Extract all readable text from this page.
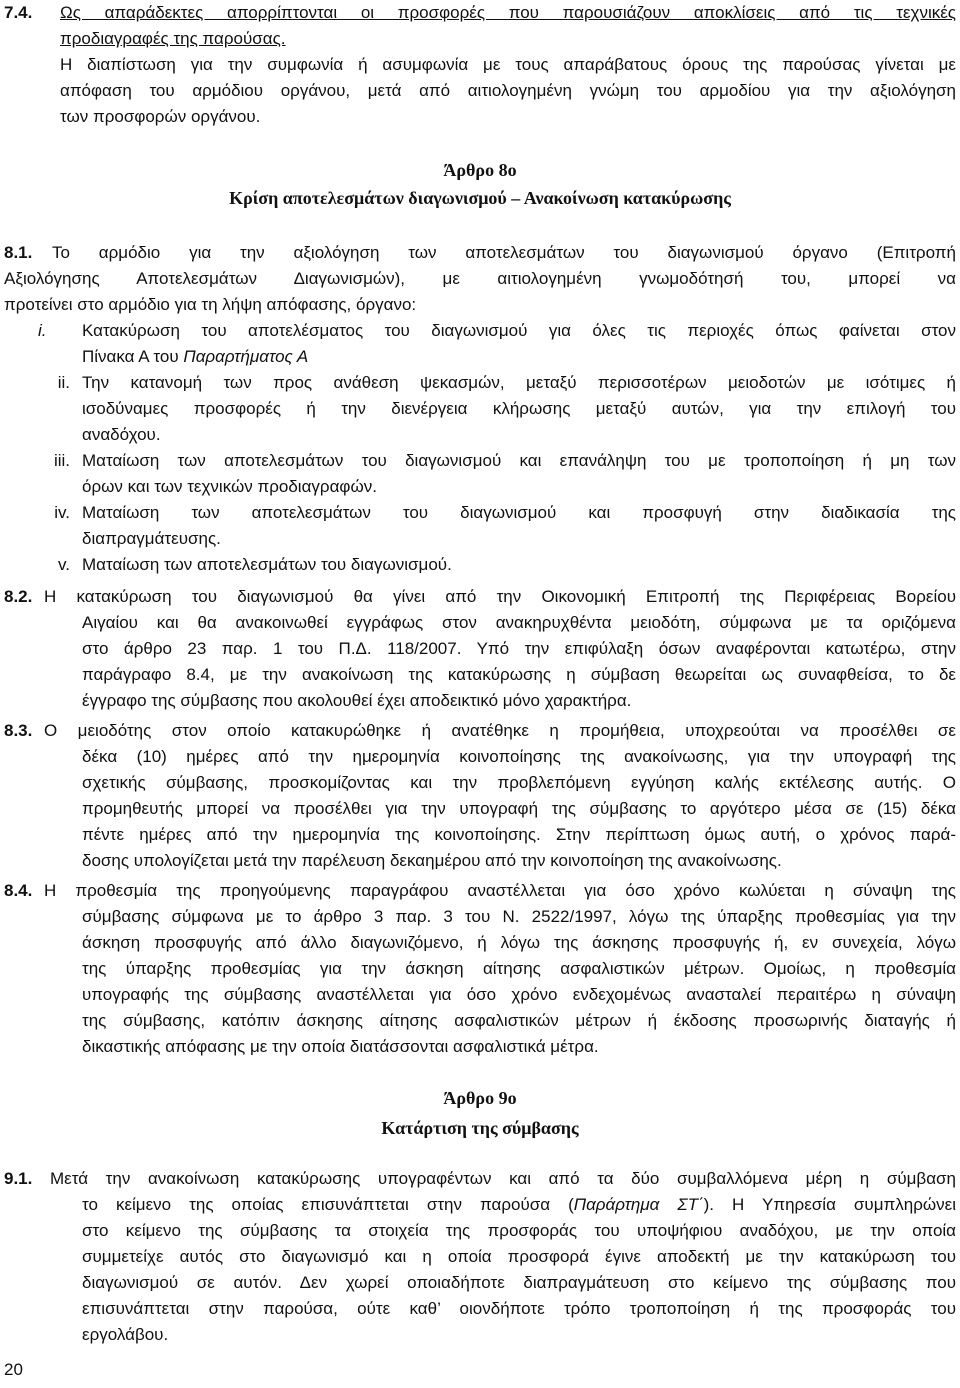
7.4. Ως απαράδεκτες απορρίπτονται οι προσφορές που παρουσιάζουν αποκλίσεις από τις τεχνικές
προδιαγραφές της παρούσας.
Η διαπίστωση για την συμφωνία ή ασυμφωνία με τους απαράβατους όρους της παρούσας γίνεται με
απόφαση του αρμόδιου οργάνου, μετά από αιτιολογημένη γνώμη του αρμοδίου για την αξιολόγηση
των προσφορών οργάνου.
Άρθρο 8ο
Κρίση αποτελεσμάτων διαγωνισμού – Ανακοίνωση κατακύρωσης
8.1. Το αρμόδιο για την αξιολόγηση των αποτελεσμάτων του διαγωνισμού όργανο (Επιτροπή
Αξιολόγησης Αποτελεσμάτων Διαγωνισμών), με αιτιολογημένη γνωμοδότησή του, μπορεί να
προτείνει στο αρμόδιο για τη λήψη απόφασης, όργανο:
i. Κατακύρωση του αποτελέσματος του διαγωνισμού για όλες τις περιοχές όπως φαίνεται στον
Πίνακα Α του Παραρτήματος Α
ii. Την κατανομή των προς ανάθεση ψεκασμών, μεταξύ περισσοτέρων μειοδοτών με ισότιμες ή
ισοδύναμες προσφορές ή την διενέργεια κλήρωσης μεταξύ αυτών, για την επιλογή του
αναδόχου.
iii. Ματαίωση των αποτελεσμάτων του διαγωνισμού και επανάληψη του με τροποποίηση ή μη των
όρων και των τεχνικών προδιαγραφών.
iv. Ματαίωση των αποτελεσμάτων του διαγωνισμού και προσφυγή στην διαδικασία της
διαπραγμάτευσης.
v. Ματαίωση των αποτελεσμάτων του διαγωνισμού.
8.2. Η κατακύρωση του διαγωνισμού θα γίνει από την Οικονομική Επιτροπή της Περιφέρειας Βορείου
Αιγαίου και θα ανακοινωθεί εγγράφως στον ανακηρυχθέντα μειοδότη, σύμφωνα με τα οριζόμενα
στο άρθρο 23 παρ. 1 του Π.Δ. 118/2007. Υπό την επιφύλαξη όσων αναφέρονται κατωτέρω, στην
παράγραφο 8.4, με την ανακοίνωση της κατακύρωσης η σύμβαση θεωρείται ως συναφθείσα, το δε
έγγραφο της σύμβασης που ακολουθεί έχει αποδεικτικό μόνο χαρακτήρα.
8.3. Ο μειοδότης στον οποίο κατακυρώθηκε ή ανατέθηκε η προμήθεια, υποχρεούται να προσέλθει σε
δέκα (10) ημέρες από την ημερομηνία κοινοποίησης της ανακοίνωσης, για την υπογραφή της
σχετικής σύμβασης, προσκομίζοντας και την προβλεπόμενη εγγύηση καλής εκτέλεσης αυτής. Ο
προμηθευτής μπορεί να προσέλθει για την υπογραφή της σύμβασης το αργότερο μέσα σε (15) δέκα
πέντε ημέρες από την ημερομηνία της κοινοποίησης. Στην περίπτωση όμως αυτή, ο χρόνος παρά-
δοσης υπολογίζεται μετά την παρέλευση δεκαημέρου από την κοινοποίηση της ανακοίνωσης.
8.4. Η προθεσμία της προηγούμενης παραγράφου αναστέλλεται για όσο χρόνο κωλύεται η σύναψη της
σύμβασης σύμφωνα με το άρθρο 3 παρ. 3 του Ν. 2522/1997, λόγω της ύπαρξης προθεσμίας για την
άσκηση προσφυγής από άλλο διαγωνιζόμενο, ή λόγω της άσκησης προσφυγής ή, εν συνεχεία, λόγω
της ύπαρξης προθεσμίας για την άσκηση αίτησης ασφαλιστικών μέτρων. Ομοίως, η προθεσμία
υπογραφής της σύμβασης αναστέλλεται για όσο χρόνο ενδεχομένως ανασταλεί περαιτέρω η σύναψη
της σύμβασης, κατόπιν άσκησης αίτησης ασφαλιστικών μέτρων ή έκδοσης προσωρινής διαταγής ή
δικαστικής απόφασης με την οποία διατάσσονται ασφαλιστικά μέτρα.
Άρθρο 9ο
Κατάρτιση της σύμβασης
9.1. Μετά την ανακοίνωση κατακύρωσης υπογραφέντων και από τα δύο συμβαλλόμενα μέρη η σύμβαση
το κείμενο της οποίας επισυνάπτεται στην παρούσα (Παράρτημα ΣΤ΄). Η Υπηρεσία συμπληρώνει
στο κείμενο της σύμβασης τα στοιχεία της προσφοράς του υποψήφιου αναδόχου, με την οποία
συμμετείχε αυτός στο διαγωνισμό και η οποία προσφορά έγινε αποδεκτή με την κατακύρωση του
διαγωνισμού σε αυτόν. Δεν χωρεί οποιαδήποτε διαπραγμάτευση στο κείμενο της σύμβασης που
επισυνάπτεται στην παρούσα, ούτε καθ’ οιονδήποτε τρόπο τροποποίηση ή της προσφοράς του
εργολάβου.
20
